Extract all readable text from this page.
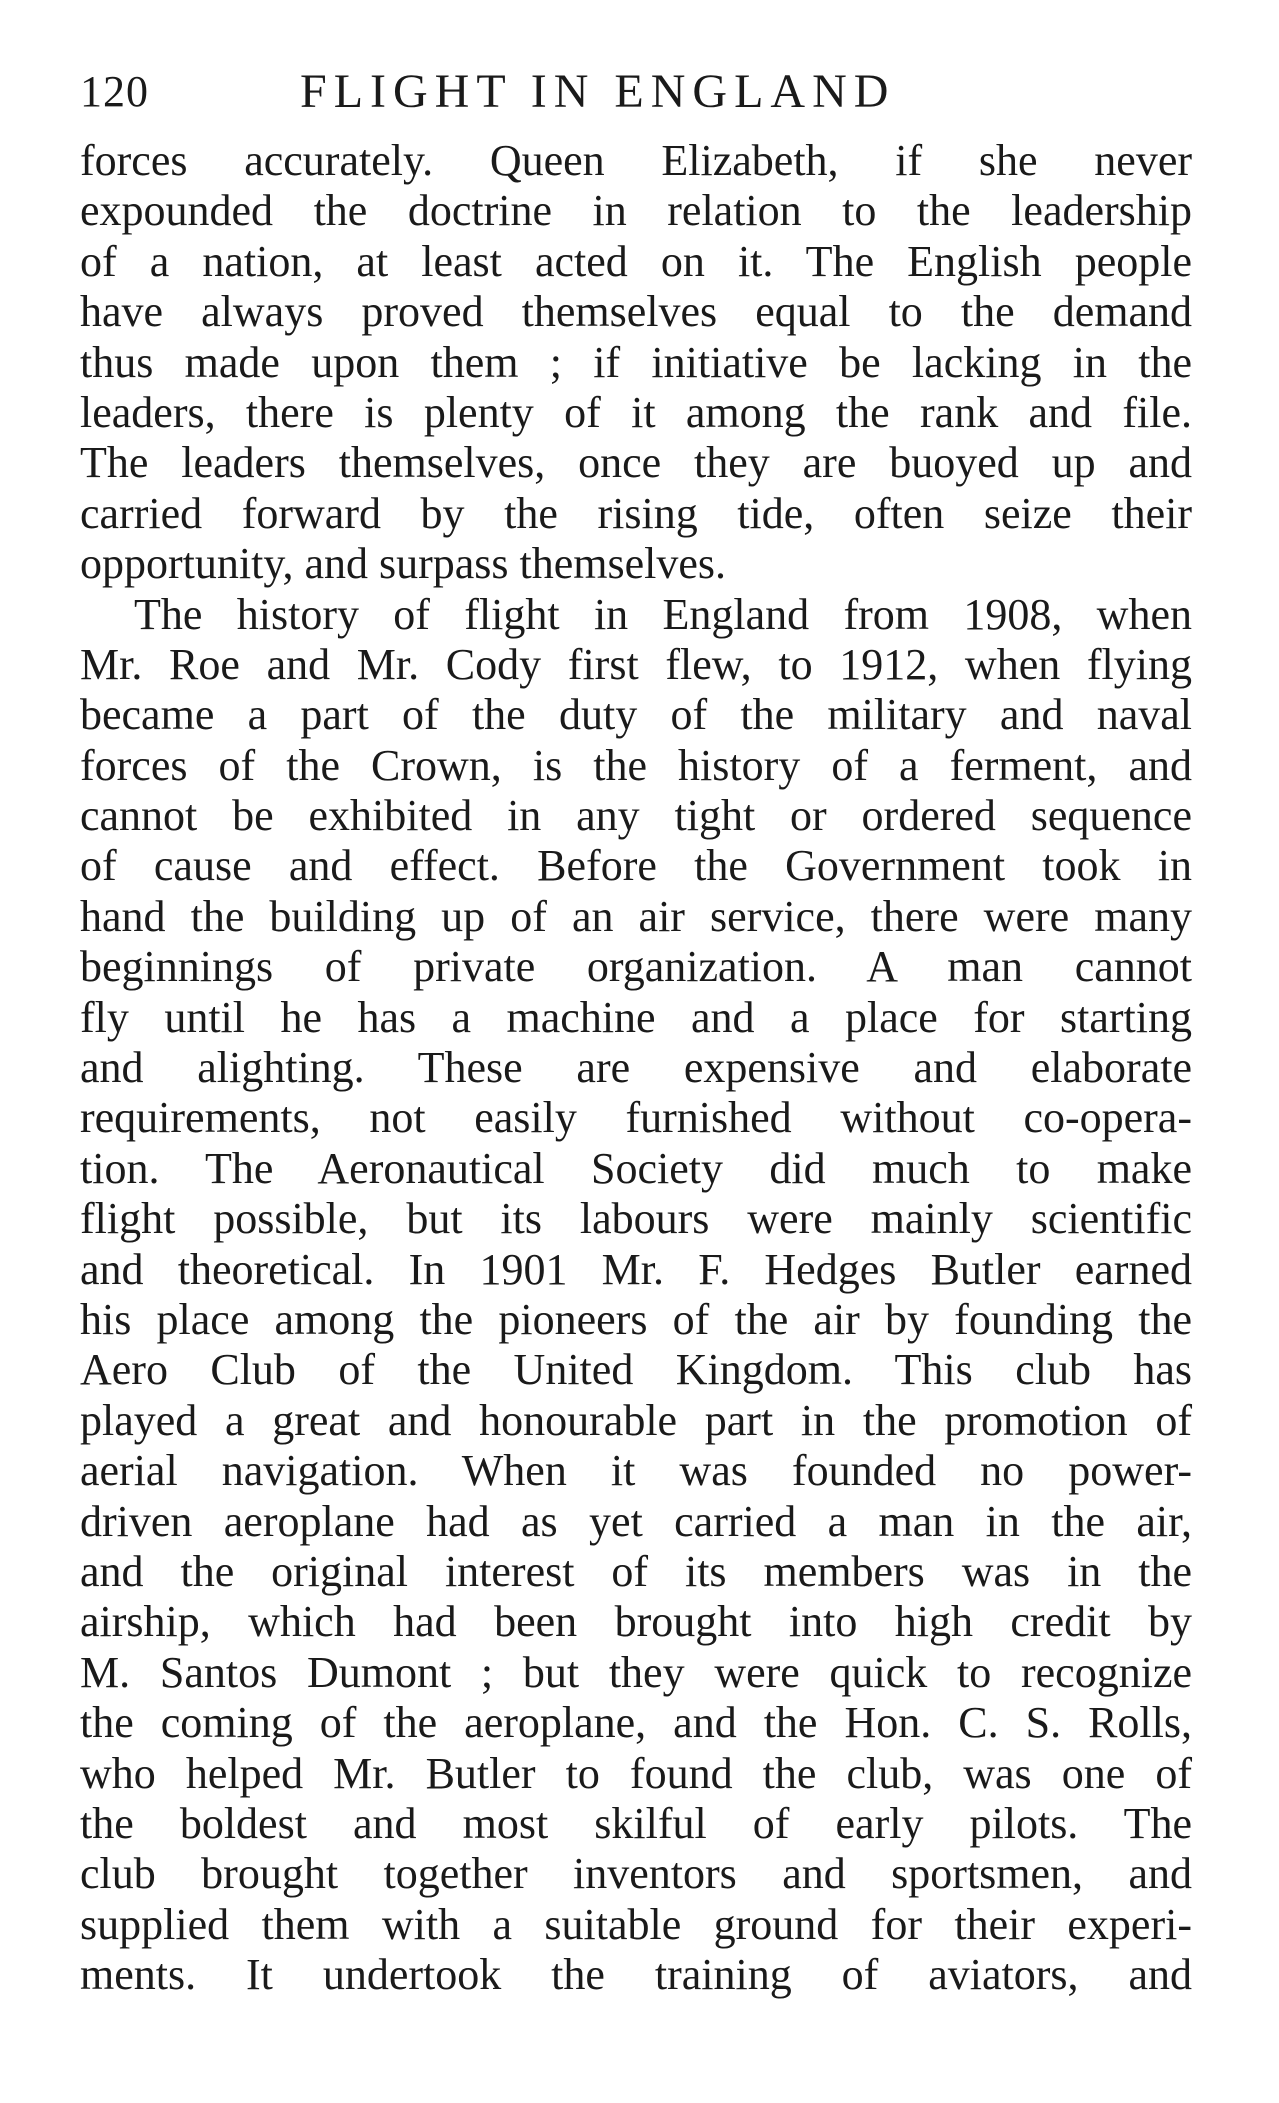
120	FLIGHT IN ENGLAND
forces accurately. Queen Elizabeth, if she never
expounded the doctrine in relation to the leadership
of a nation, at least acted on it. The English people
have always proved themselves equal to the demand
thus made upon them ; if initiative be lacking in the
leaders, there is plenty of it among the rank and file.
The leaders themselves, once they are buoyed up and
carried forward by the rising tide, often seize their
opportunity, and surpass themselves.
The history of flight in England from 1908, when
Mr. Roe and Mr. Cody first flew, to 1912, when flying
became a part of the duty of the military and naval
forces of the Crown, is the history of a ferment, and
cannot be exhibited in any tight or ordered sequence
of cause and effect. Before the Government took in
hand the building up of an air service, there were many
beginnings of private organization. A man cannot
fly until he has a machine and a place for starting
and alighting. These are expensive and elaborate
requirements, not easily furnished without co-opera-
tion. The Aeronautical Society did much to make
flight possible, but its labours were mainly scientific
and theoretical. In 1901 Mr. F. Hedges Butler earned
his place among the pioneers of the air by founding the
Aero Club of the United Kingdom. This club has
played a great and honourable part in the promotion of
aerial navigation. When it was founded no power-
driven aeroplane had as yet carried a man in the air,
and the original interest of its members was in the
airship, which had been brought into high credit by
M. Santos Dumont ; but they were quick to recognize
the coming of the aeroplane, and the Hon. C. S. Rolls,
who helped Mr. Butler to found the club, was one of
the boldest and most skilful of early pilots. The
club brought together inventors and sportsmen, and
supplied them with a suitable ground for their experi-
ments. It undertook the training of aviators, and
